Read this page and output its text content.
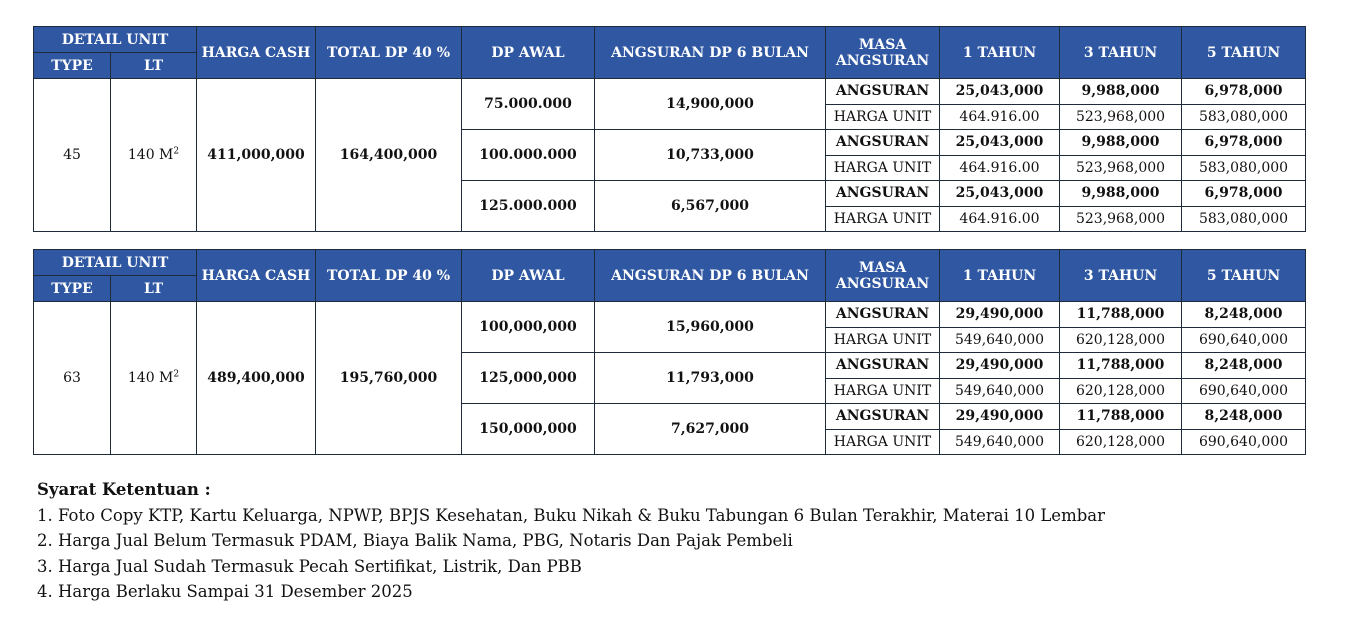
DETAIL UNIT		HARGA CASH	TOTAL DP 40 %	DP AWAL	ANGSURAN DP 6 BULAN	MASA
ANGSURAN	1 TAHUN	3 TAHUN	5 TAHUN
TYPE	LT								
45	140 $M^2$	411,000,000	164,400,000	75.000.000	14,900,000	ANGSURAN	25,043,000	9,988,000	6,978,000
						HARGA UNIT	464.916.00	523,968,000	583,080,000
				100.000.000	10,733,000	ANGSURAN	25,043,000	9,988,000	6,978,000
						HARGA UNIT	464.916.00	523,968,000	583,080,000
				125.000.000	6,567,000	ANGSURAN	25,043,000	9,988,000	6,978,000
						HARGA UNIT	464.916.00	523,968,000	583,080,000
DETAIL UNIT		HARGA CASH	TOTAL DP 40 %	DP AWAL	ANGSURAN DP 6 BULAN	MASA
ANGSURAN	1 TAHUN	3 TAHUN	5 TAHUN
TYPE	LT								
63	140 $M^2$	489,400,000	195,760,000	100,000,000	15,960,000	ANGSURAN	29,490,000	11,788,000	8,248,000
						HARGA UNIT	549,640,000	620,128,000	690,640,000
				125,000,000	11,793,000	ANGSURAN	29,490,000	11,788,000	8,248,000
						HARGA UNIT	549,640,000	620,128,000	690,640,000
				150,000,000	7,627,000	ANGSURAN	29,490,000	11,788,000	8,248,000
						HARGA UNIT	549,640,000	620,128,000	690,640,000
Syarat Ketentuan :
1. Foto Copy KTP, Kartu Keluarga, NPWP, BPJS Kesehatan, Buku Nikah & Buku Tabungan 6 Bulan Terakhir, Materai 10 Lembar
2. Harga Jual Belum Termasuk PDAM, Biaya Balik Nama, PBG, Notaris Dan Pajak Pembeli
3. Harga Jual Sudah Termasuk Pecah Sertifikat, Listrik, Dan PBB
4. Harga Berlaku Sampai 31 Desember 2025
